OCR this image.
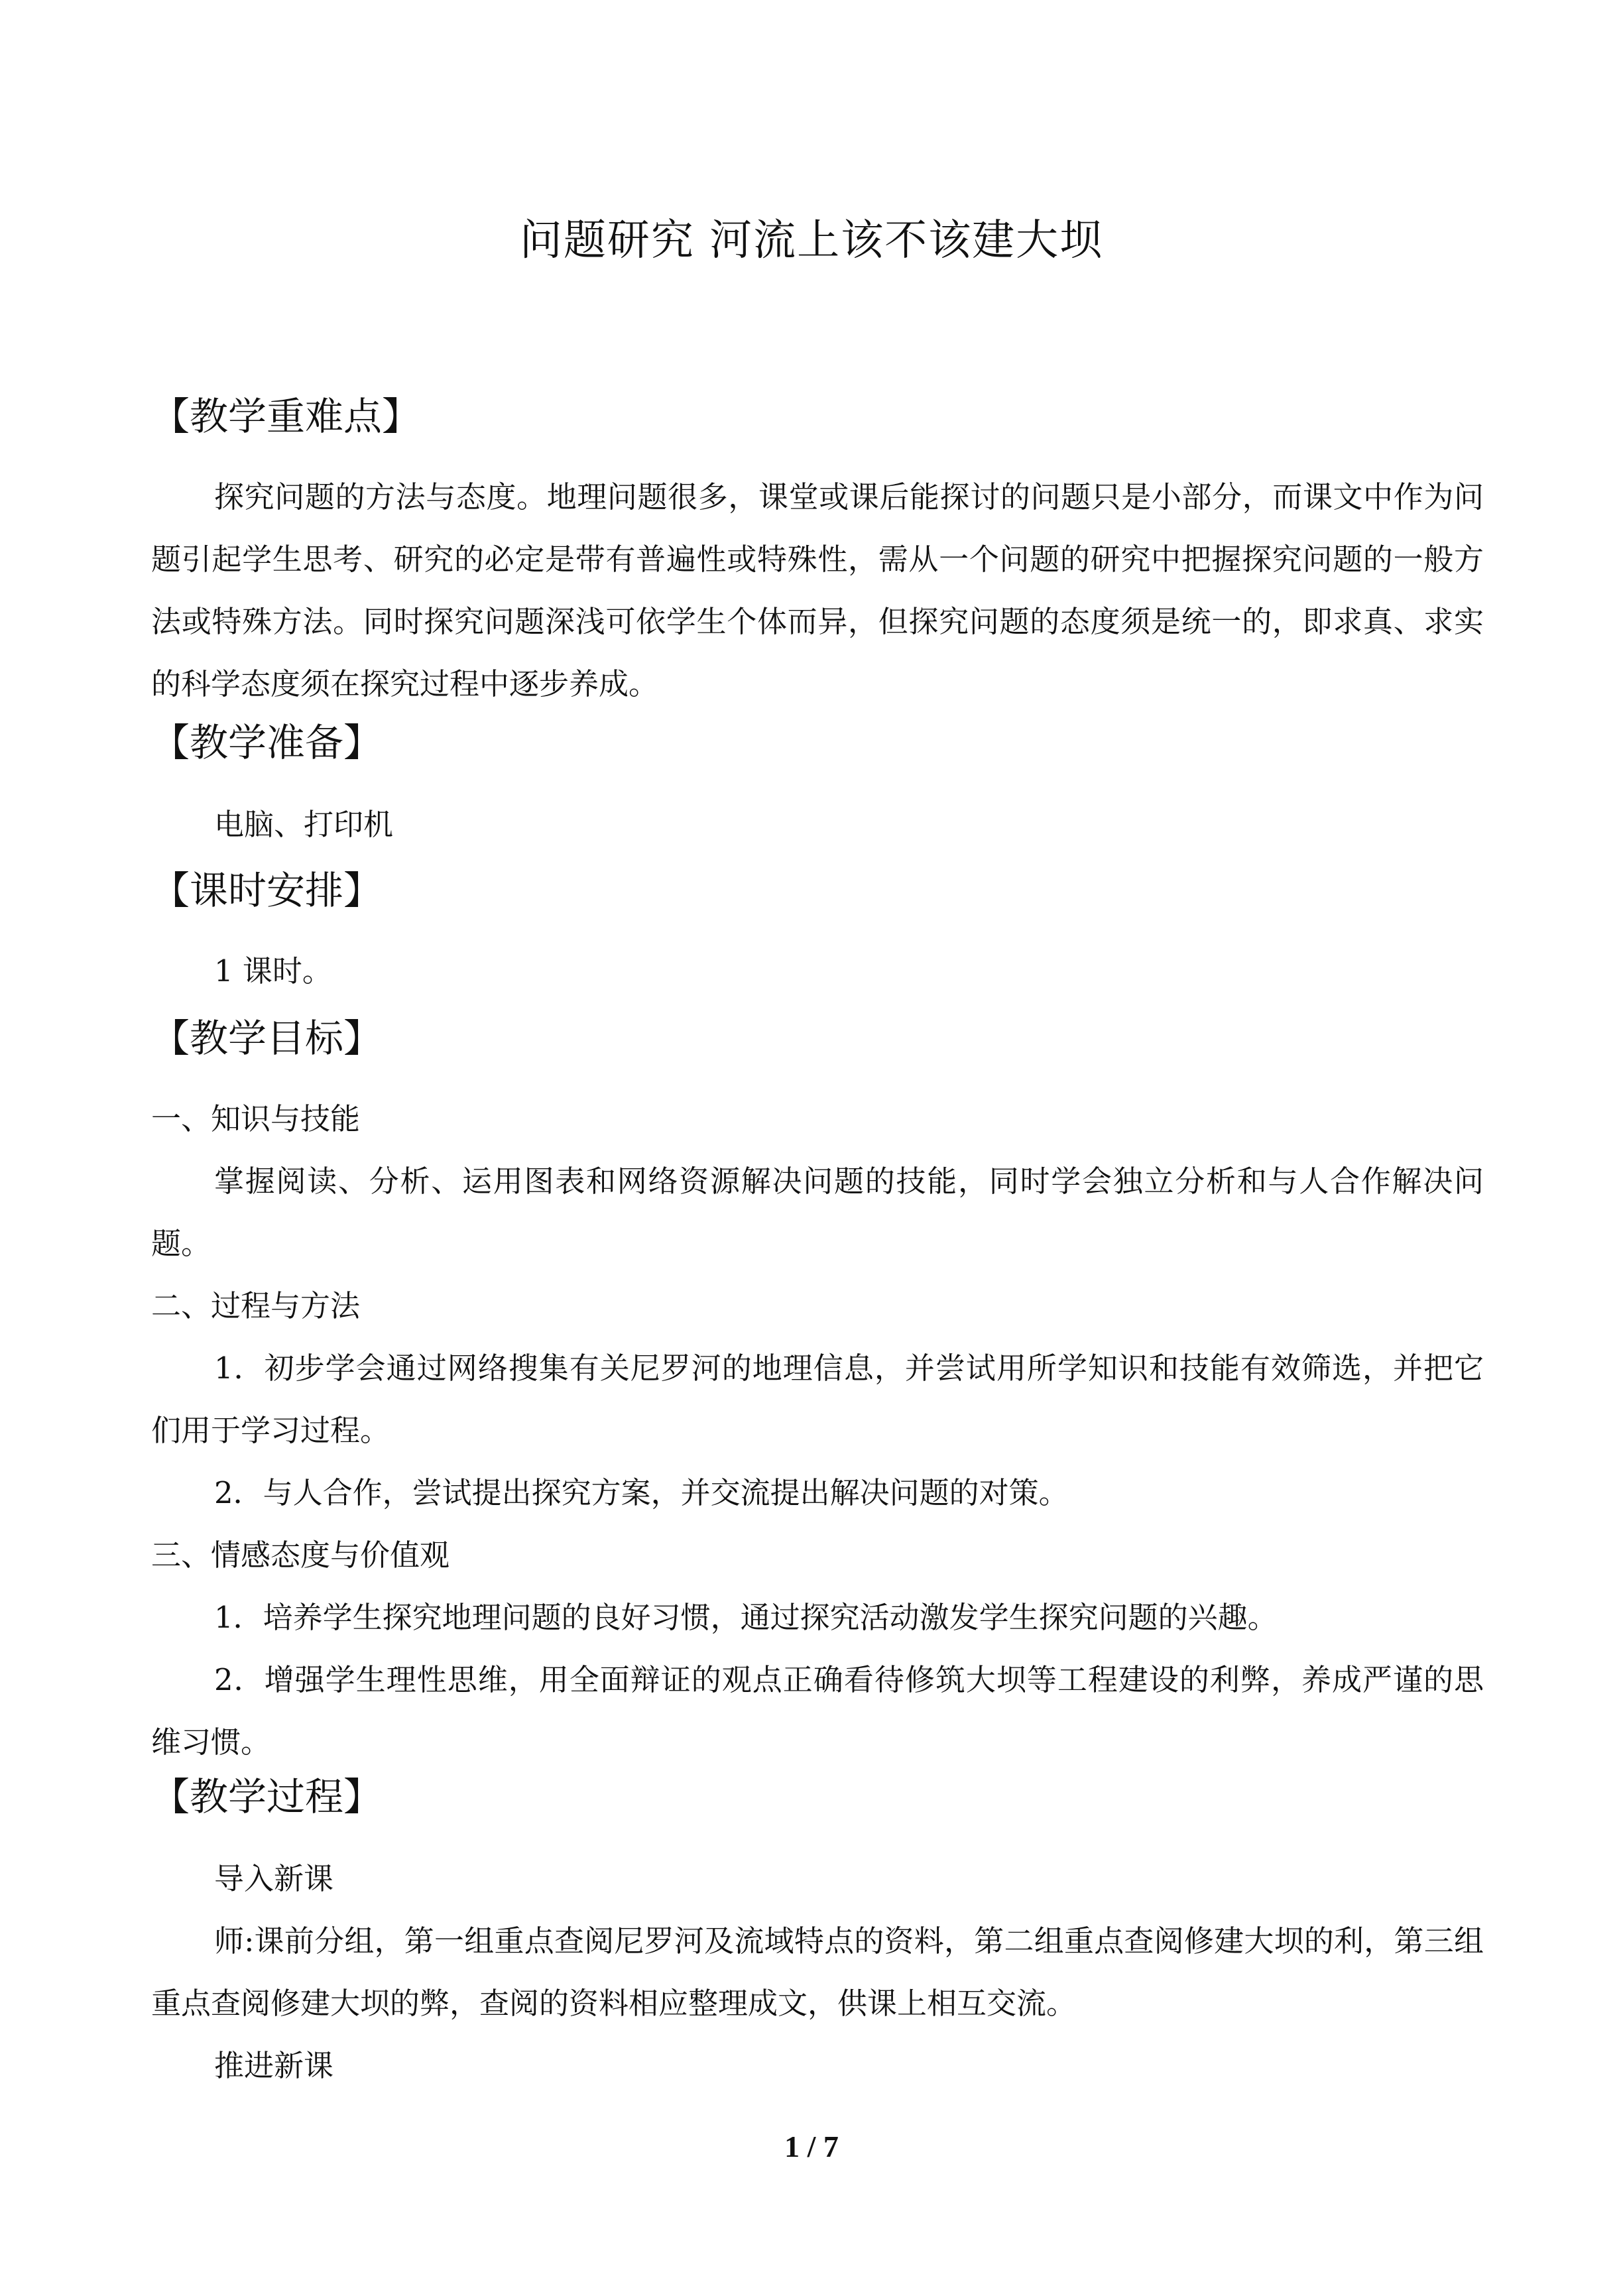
问题研究 河流上该不该建大坝
【教学重难点】

探究问题的方法与态度。地理问题很多，课堂或课后能探讨的问题只是小部分，而课文中作为问题引起学生思考、研究的必定是带有普遍性或特殊性，需从一个问题的研究中把握探究问题的一般方法或特殊方法。同时探究问题深浅可依学生个体而异，但探究问题的态度须是统一的，即求真、求实的科学态度须在探究过程中逐步养成。

【教学准备】
电脑、打印机
【课时安排】
1 课时。
【教学目标】
一、知识与技能

掌握阅读、分析、运用图表和网络资源解决问题的技能，同时学会独立分析和与人合作解决问题。

二、过程与方法

1．初步学会通过网络搜集有关尼罗河的地理信息，并尝试用所学知识和技能有效筛选，并把它们用于学习过程。

2．与人合作，尝试提出探究方案，并交流提出解决问题的对策。

三、情感态度与价值观

1．培养学生探究地理问题的良好习惯，通过探究活动激发学生探究问题的兴趣。

2．增强学生理性思维，用全面辩证的观点正确看待修筑大坝等工程建设的利弊，养成严谨的思维习惯。

【教学过程】
导入新课

师:课前分组，第一组重点查阅尼罗河及流域特点的资料，第二组重点查阅修建大坝的利，第三组重点查阅修建大坝的弊，查阅的资料相应整理成文，供课上相互交流。

推进新课
1 / 7
